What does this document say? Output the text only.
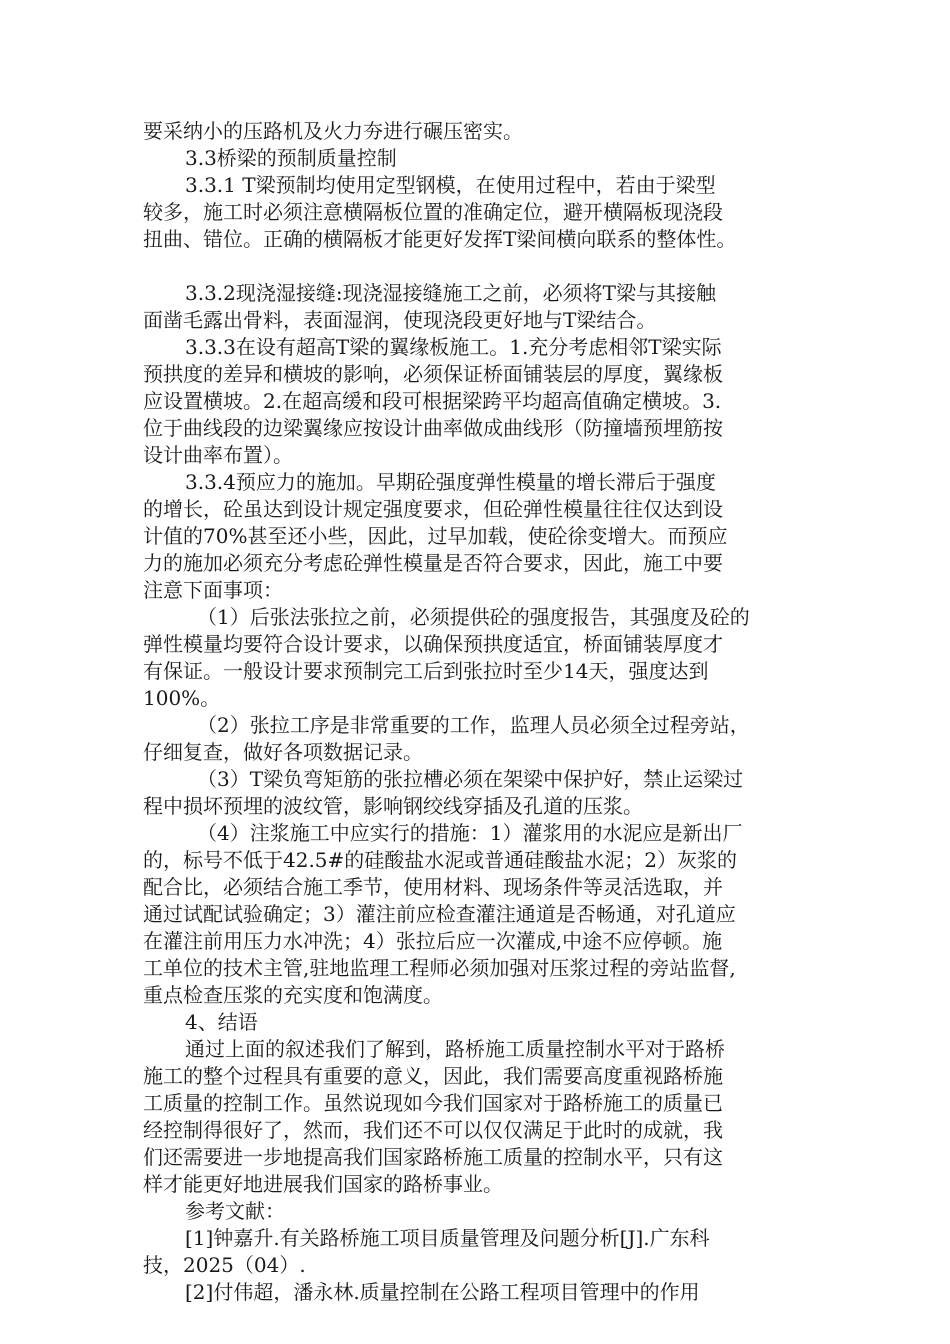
要采纳小的压路机及火力夯进行碾压密实。
3.3桥梁的预制质量控制
3.3.1 T梁预制均使用定型钢模，在使用过程中，若由于梁型
较多，施工时必须注意横隔板位置的准确定位，避开横隔板现浇段
扭曲、错位。正确的横隔板才能更好发挥T梁间横向联系的整体性。
3.3.2现浇湿接缝:现浇湿接缝施工之前，必须将T梁与其接触
面凿毛露出骨料，表面湿润，使现浇段更好地与T梁结合。
3.3.3在设有超高T梁的翼缘板施工。1.充分考虑相邻T梁实际
预拱度的差异和横坡的影响，必须保证桥面铺装层的厚度，翼缘板
应设置横坡。2.在超高缓和段可根据梁跨平均超高值确定横坡。3.
位于曲线段的边梁翼缘应按设计曲率做成曲线形（防撞墙预埋筋按
设计曲率布置）。
3.3.4预应力的施加。早期砼强度弹性模量的增长滞后于强度
的增长，砼虽达到设计规定强度要求，但砼弹性模量往往仅达到设
计值的70%甚至还小些，因此，过早加载，使砼徐变增大。而预应
力的施加必须充分考虑砼弹性模量是否符合要求，因此，施工中要
注意下面事项：
（1）后张法张拉之前，必须提供砼的强度报告，其强度及砼的
弹性模量均要符合设计要求，以确保预拱度适宜，桥面铺装厚度才
有保证。一般设计要求预制完工后到张拉时至少14天，强度达到
100%。
（2）张拉工序是非常重要的工作，监理人员必须全过程旁站，
仔细复查，做好各项数据记录。
（3）T梁负弯矩筋的张拉槽必须在架梁中保护好，禁止运梁过
程中损坏预埋的波纹管，影响钢绞线穿插及孔道的压浆。
（4）注浆施工中应实行的措施：1）灌浆用的水泥应是新出厂
的，标号不低于42.5#的硅酸盐水泥或普通硅酸盐水泥；2）灰浆的
配合比，必须结合施工季节，使用材料、现场条件等灵活选取，并
通过试配试验确定；3）灌注前应检查灌注通道是否畅通，对孔道应
在灌注前用压力水冲洗；4）张拉后应一次灌成,中途不应停顿。施
工单位的技术主管,驻地监理工程师必须加强对压浆过程的旁站监督,
重点检查压浆的充实度和饱满度。
4、结语
通过上面的叙述我们了解到，路桥施工质量控制水平对于路桥
施工的整个过程具有重要的意义，因此，我们需要高度重视路桥施
工质量的控制工作。虽然说现如今我们国家对于路桥施工的质量已
经控制得很好了，然而，我们还不可以仅仅满足于此时的成就，我
们还需要进一步地提高我们国家路桥施工质量的控制水平，只有这
样才能更好地进展我们国家的路桥事业。
参考文献：
[1]钟嘉升.有关路桥施工项目质量管理及问题分析[J].广东科
技，2025（04）.
[2]付伟超，潘永林.质量控制在公路工程项目管理中的作用
